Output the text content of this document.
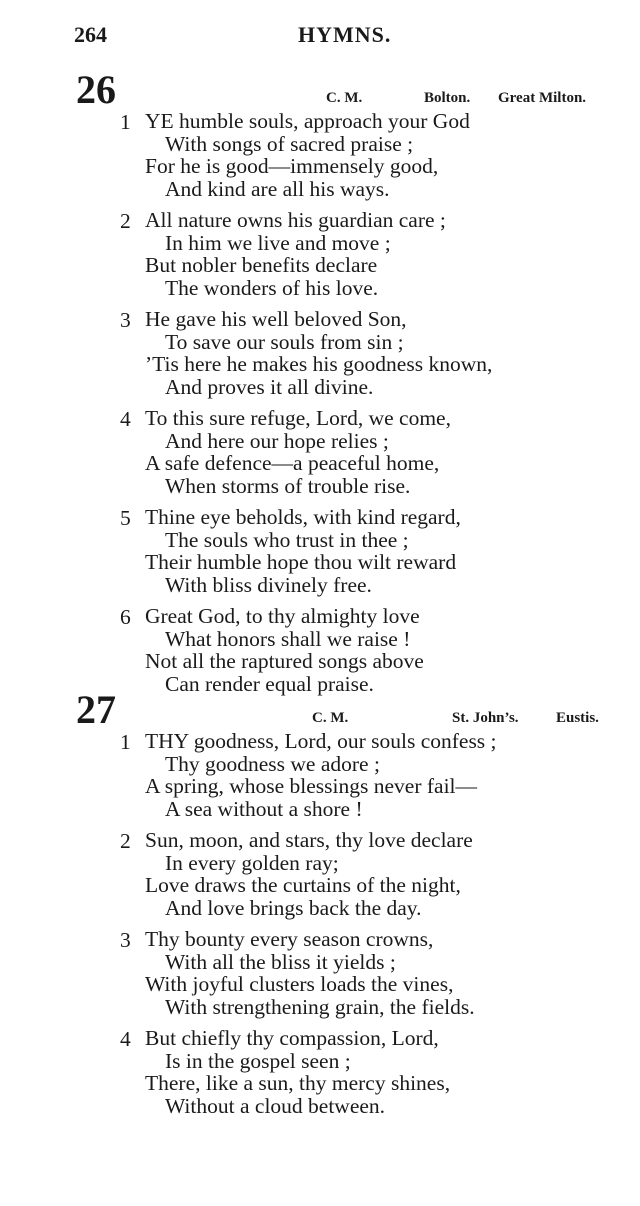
264	HYMNS.
26	C. M.	Bolton. Great Milton.
1 YE humble souls, approach your God
With songs of sacred praise ;
For he is good—immensely good,
And kind are all his ways.
2 All nature owns his guardian care ;
In him we live and move ;
But nobler benefits declare
The wonders of his love.
3 He gave his well beloved Son,
To save our souls from sin ;
’Tis here he makes his goodness known,
And proves it all divine.
4 To this sure refuge, Lord, we come,
And here our hope relies ;
A safe defence—a peaceful home,
When storms of trouble rise.
5 Thine eye beholds, with kind regard,
The souls who trust in thee ;
Their humble hope thou wilt reward
With bliss divinely free.
6 Great God, to thy almighty love
What honors shall we raise !
Not all the raptured songs above
Can render equal praise.
27	C. M.	St. John’s. Eustis.
1 THY goodness, Lord, our souls confess ;
Thy goodness we adore ;
A spring, whose blessings never fail—
A sea without a shore !
2 Sun, moon, and stars, thy love declare
In every golden ray;
Love draws the curtains of the night,
And love brings back the day.
3 Thy bounty every season crowns,
With all the bliss it yields ;
With joyful clusters loads the vines,
With strengthening grain, the fields.
4 But chiefly thy compassion, Lord,
Is in the gospel seen ;
There, like a sun, thy mercy shines,
Without a cloud between.
